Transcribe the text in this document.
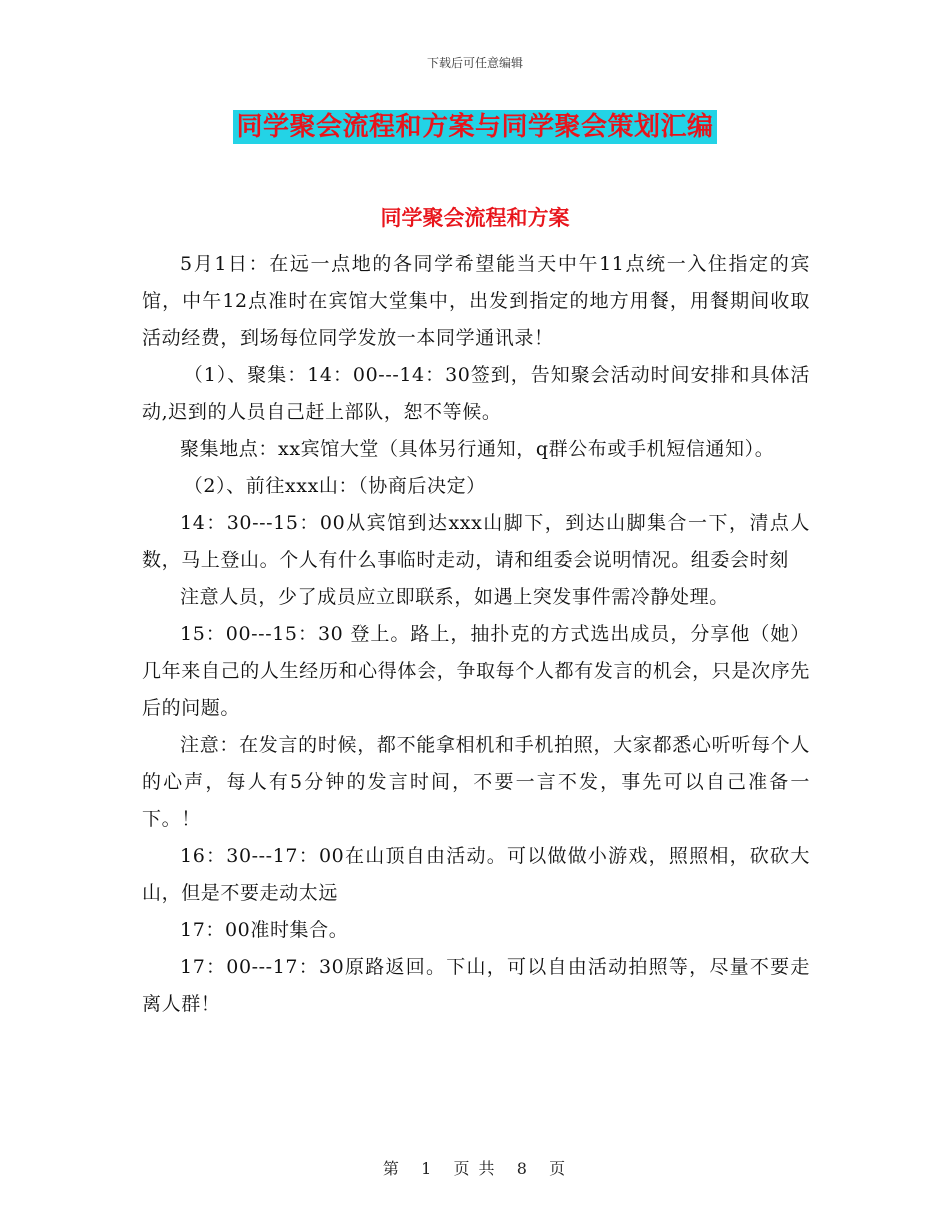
下载后可任意编辑
同学聚会流程和方案与同学聚会策划汇编
同学聚会流程和方案

5月1日：在远一点地的各同学希望能当天中午11点统一入住指定的宾馆，中午12点准时在宾馆大堂集中，出发到指定的地方用餐，用餐期间收取活动经费，到场每位同学发放一本同学通讯录！

（1）、聚集：14：00---14：30签到，告知聚会活动时间安排和具体活动,迟到的人员自己赶上部队，恕不等候。

聚集地点：xx宾馆大堂（具体另行通知，q群公布或手机短信通知）。

（2）、前往xxx山：（协商后决定）

14：30---15：00从宾馆到达xxx山脚下，到达山脚集合一下，清点人数，马上登山。个人有什么事临时走动，请和组委会说明情况。组委会时刻

注意人员，少了成员应立即联系，如遇上突发事件需冷静处理。

15：00---15：30 登上。路上，抽扑克的方式选出成员，分享他（她）几年来自己的人生经历和心得体会，争取每个人都有发言的机会，只是次序先后的问题。

注意：在发言的时候，都不能拿相机和手机拍照，大家都悉心听听每个人的心声，每人有5分钟的发言时间，不要一言不发，事先可以自己准备一下。！

16：30---17：00在山顶自由活动。可以做做小游戏，照照相，砍砍大山，但是不要走动太远

17：00准时集合。

17：00---17：30原路返回。下山，可以自由活动拍照等，尽量不要走离人群！

第 1 页 共 8 页
